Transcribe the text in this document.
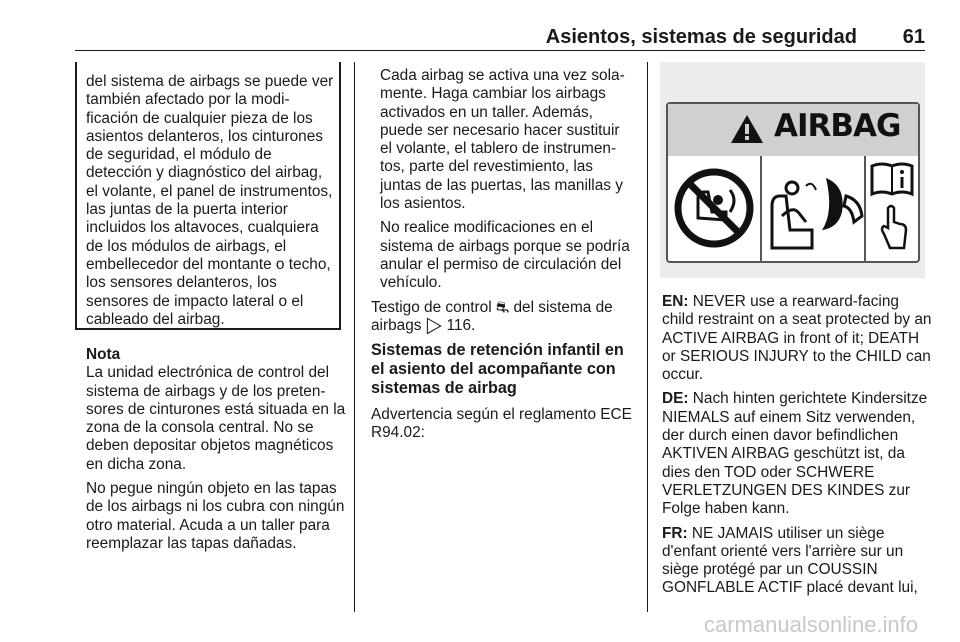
Asientos, sistemas de seguridad 61

del sistema de airbags se puede ver también afectado por la modificación de cualquier pieza de los asientos delanteros, los cinturones de seguridad, el módulo de detección y diagnóstico del airbag, el volante, el panel de instrumentos, las juntas de la puerta interior incluidos los altavoces, cualquiera de los módulos de airbags, el embellecedor del montante o techo, los sensores delanteros, los sensores de impacto lateral o el cableado del airbag.

Nota

La unidad electrónica de control del sistema de airbags y de los pretensores de cinturones está situada en la zona de la consola central. No se deben depositar objetos magnéticos en dicha zona.

No pegue ningún objeto en las tapas de los airbags ni los cubra con ningún otro material. Acuda a un taller para reemplazar las tapas dañadas.

Cada airbag se activa una vez solamente. Haga cambiar los airbags activados en un taller. Además, puede ser necesario hacer sustituir el volante, el tablero de instrumentos, parte del revestimiento, las juntas de las puertas, las manillas y los asientos.

No realice modificaciones en el sistema de airbags porque se podría anular el permiso de circulación del vehículo.

Testigo de control ⛐ del sistema de airbags ▷ 116.

Sistemas de retención infantil en el asiento del acompañante con sistemas de airbag

Advertencia según el reglamento ECE R94.02:

AIRBAG

EN: NEVER use a rearward-facing child restraint on a seat protected by an ACTIVE AIRBAG in front of it; DEATH or SERIOUS INJURY to the CHILD can occur.

DE: Nach hinten gerichtete Kindersitze NIEMALS auf einem Sitz verwenden, der durch einen davor befindlichen AKTIVEN AIRBAG geschützt ist, da dies den TOD oder SCHWERE VERLETZUNGEN DES KINDES zur Folge haben kann.

FR: NE JAMAIS utiliser un siège d'enfant orienté vers l'arrière sur un siège protégé par un COUSSIN GONFLABLE ACTIF placé devant lui,

carmanualsonline.info
